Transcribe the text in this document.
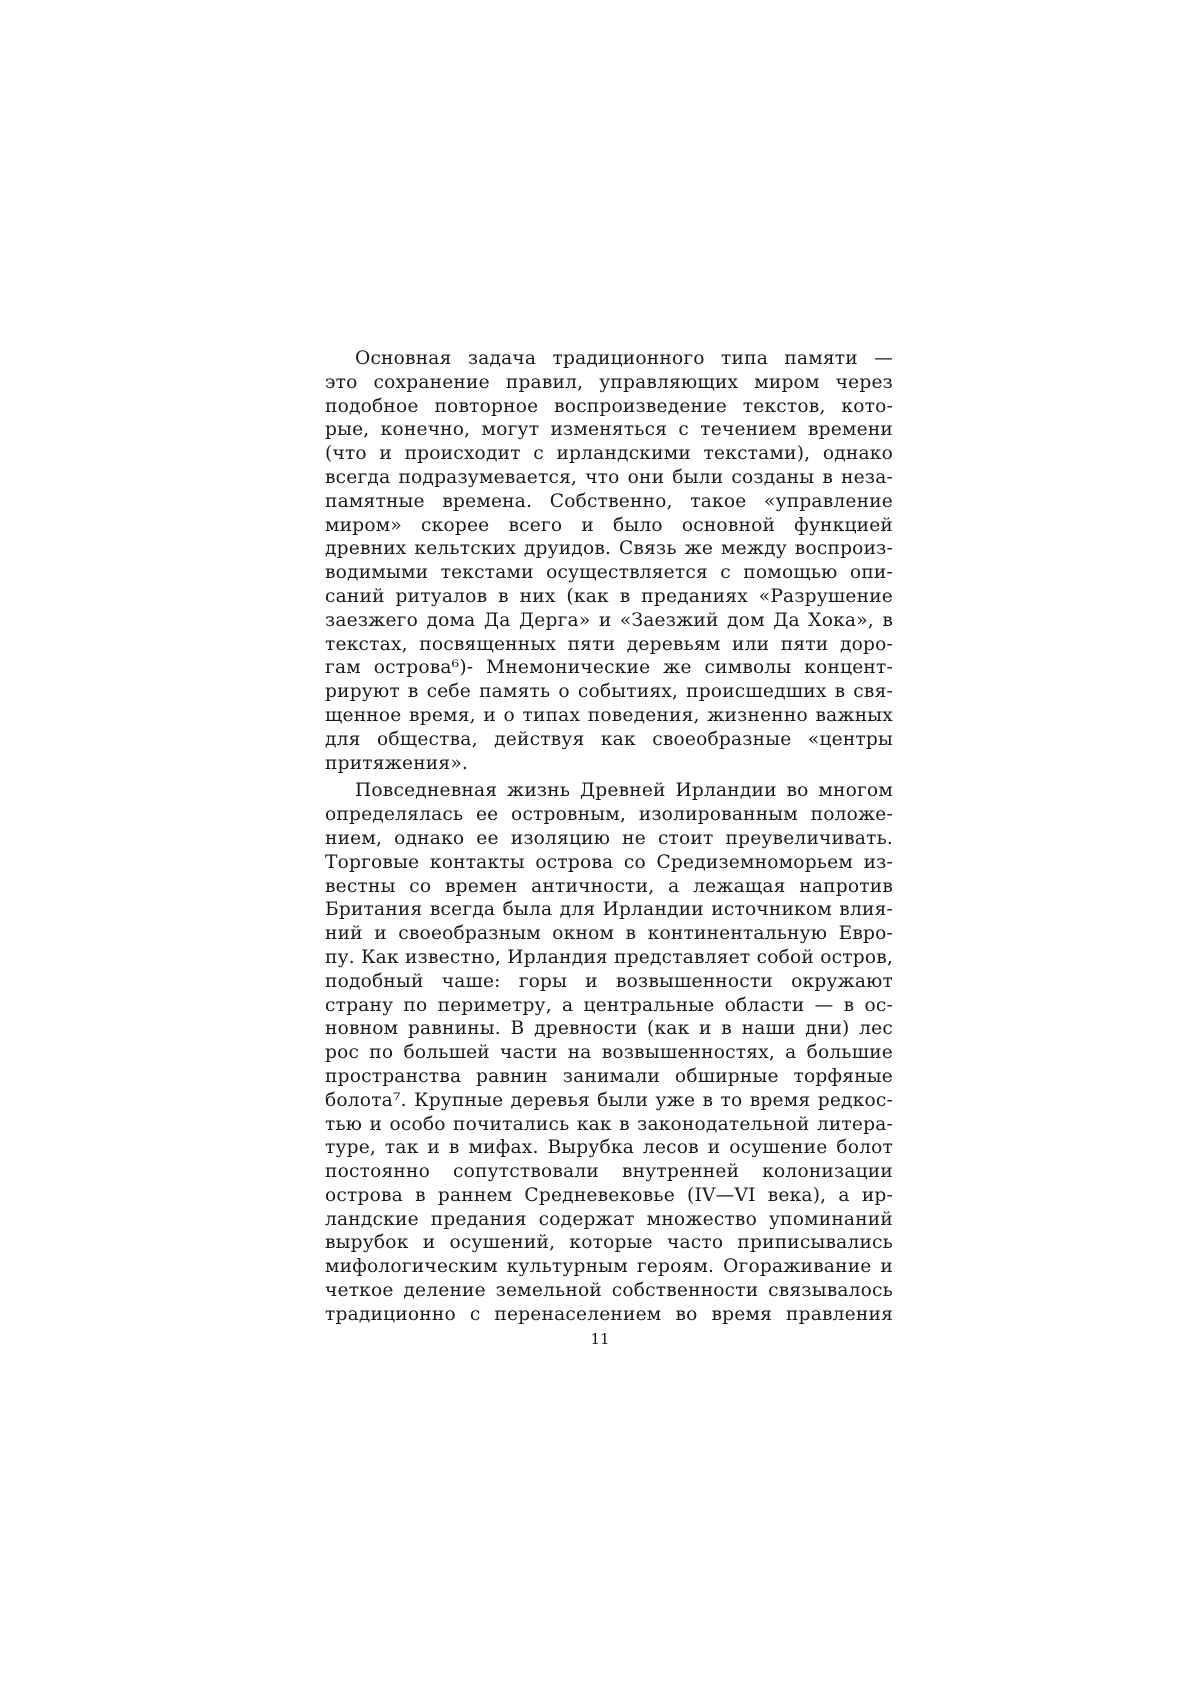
Основная задача традиционного типа памяти —
это сохранение правил, управляющих миром через
подобное повторное воспроизведение текстов, кото-
рые, конечно, могут изменяться с течением времени
(что и происходит с ирландскими текстами), однако
всегда подразумевается, что они были созданы в неза-
памятные времена. Собственно, такое «управление
миром» скорее всего и было основной функцией
древних кельтских друидов. Связь же между воспроиз-
водимыми текстами осуществляется с помощью опи-
саний ритуалов в них (как в преданиях «Разрушение
заезжего дома Да Дерга» и «Заезжий дом Да Хока», в
текстах, посвященных пяти деревьям или пяти доро-
гам острова⁶)- Мнемонические же символы концент-
рируют в себе память о событиях, происшедших в свя-
щенное время, и о типах поведения, жизненно важных
для общества, действуя как своеобразные «центры
притяжения».
Повседневная жизнь Древней Ирландии во многом
определялась ее островным, изолированным положе-
нием, однако ее изоляцию не стоит преувеличивать.
Торговые контакты острова со Средиземноморьем из-
вестны со времен античности, а лежащая напротив
Британия всегда была для Ирландии источником влия-
ний и своеобразным окном в континентальную Евро-
пу. Как известно, Ирландия представляет собой остров,
подобный чаше: горы и возвышенности окружают
страну по периметру, а центральные области — в ос-
новном равнины. В древности (как и в наши дни) лес
рос по большей части на возвышенностях, а большие
пространства равнин занимали обширные торфяные
болота⁷. Крупные деревья были уже в то время редкос-
тью и особо почитались как в законодательной литера-
туре, так и в мифах. Вырубка лесов и осушение болот
постоянно сопутствовали внутренней колонизации
острова в раннем Средневековье (IV—VI века), а ир-
ландские предания содержат множество упоминаний
вырубок и осушений, которые часто приписывались
мифологическим культурным героям. Огораживание и
четкое деление земельной собственности связывалось
традиционно с перенаселением во время правления
11
